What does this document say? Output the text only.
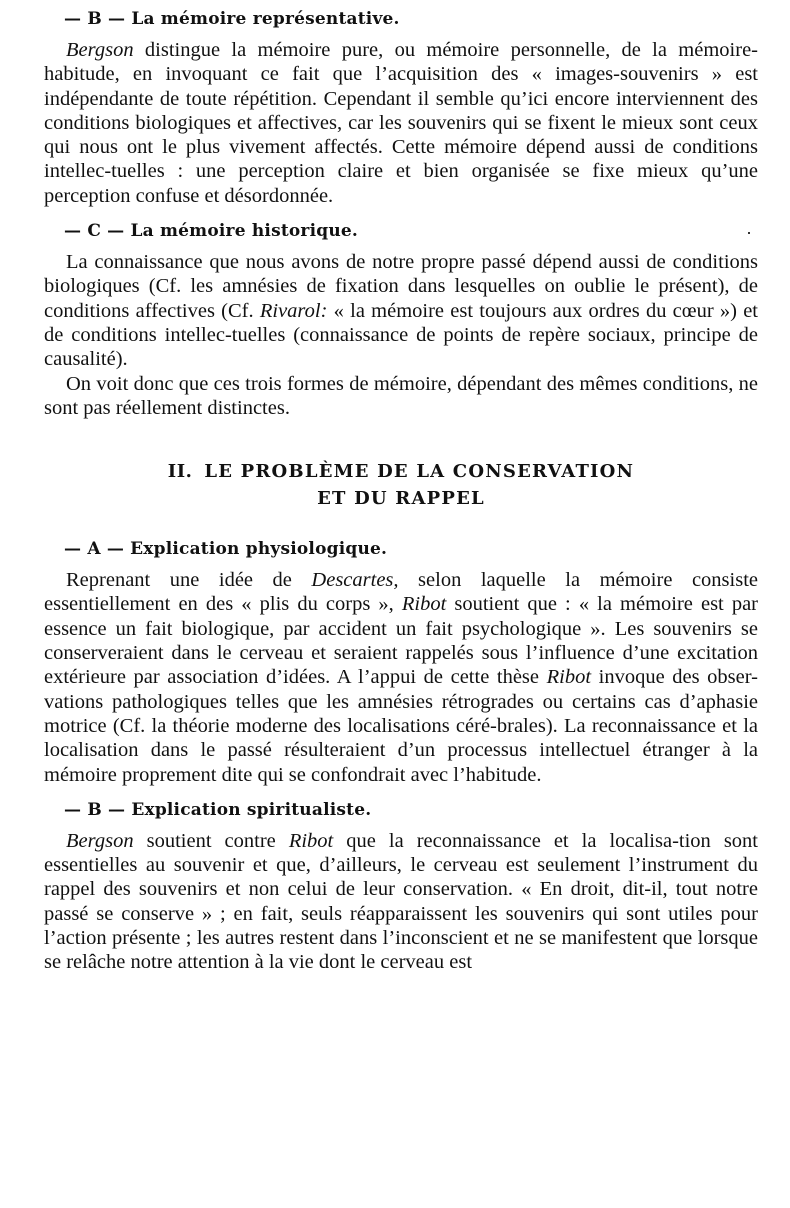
— B — La mémoire représentative.

Bergson distingue la mémoire pure, ou mémoire personnelle, de la mémoire-habitude, en invoquant ce fait que l’acquisition des « images-souvenirs » est indépendante de toute répétition. Cependant il semble qu’ici encore interviennent des conditions biologiques et affectives, car les souvenirs qui se fixent le mieux sont ceux qui nous ont le plus vivement affectés. Cette mémoire dépend aussi de conditions intellec-tuelles : une perception claire et bien organisée se fixe mieux qu’une perception confuse et désordonnée.

— C — La mémoire historique.

La connaissance que nous avons de notre propre passé dépend aussi de conditions biologiques (Cf. les amnésies de fixation dans lesquelles on oublie le présent), de conditions affectives (Cf. Rivarol: « la mémoire est toujours aux ordres du cœur ») et de conditions intellec-tuelles (connaissance de points de repère sociaux, principe de causalité).

On voit donc que ces trois formes de mémoire, dépendant des mêmes conditions, ne sont pas réellement distinctes.

II. LE PROBLÈME DE LA CONSERVATION

ET DU RAPPEL

— A — Explication physiologique.

Reprenant une idée de Descartes, selon laquelle la mémoire consiste essentiellement en des « plis du corps », Ribot soutient que : « la mémoire est par essence un fait biologique, par accident un fait psychologique ». Les souvenirs se conserveraient dans le cerveau et seraient rappelés sous l’influence d’une excitation extérieure par association d’idées. A l’appui de cette thèse Ribot invoque des obser-vations pathologiques telles que les amnésies rétrogrades ou certains cas d’aphasie motrice (Cf. la théorie moderne des localisations céré-brales). La reconnaissance et la localisation dans le passé résulteraient d’un processus intellectuel étranger à la mémoire proprement dite qui se confondrait avec l’habitude.

— B — Explication spiritualiste.

Bergson soutient contre Ribot que la reconnaissance et la localisa-tion sont essentielles au souvenir et que, d’ailleurs, le cerveau est seulement l’instrument du rappel des souvenirs et non celui de leur conservation. « En droit, dit-il, tout notre passé se conserve » ; en fait, seuls réapparaissent les souvenirs qui sont utiles pour l’action présente ; les autres restent dans l’inconscient et ne se manifestent que lorsque se relâche notre attention à la vie dont le cerveau est
